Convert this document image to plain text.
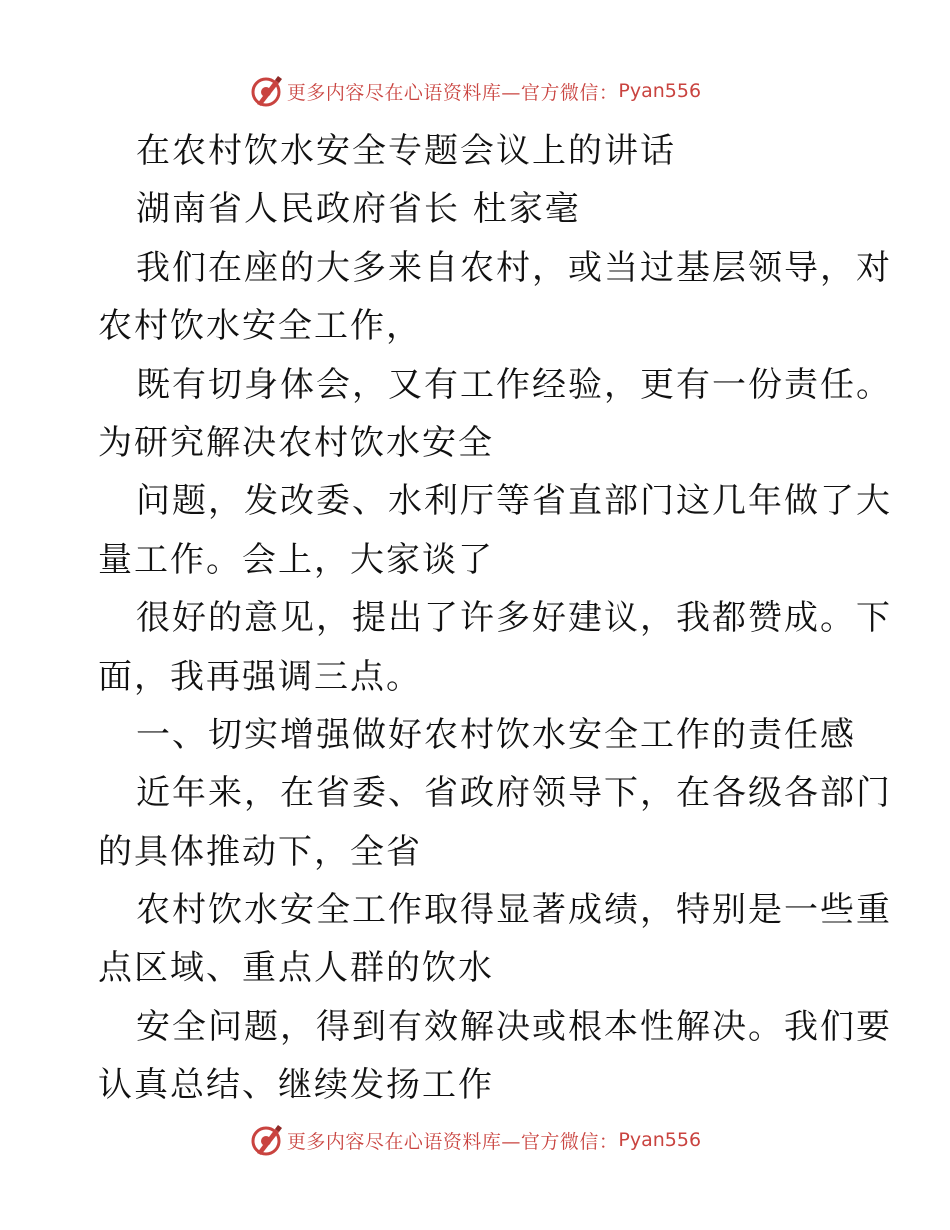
更多内容尽在心语资料库—官方微信： Pyan556
在农村饮水安全专题会议上的讲话
湖南省人民政府省长 杜家毫
我们在座的大多来自农村，或当过基层领导，对
农村饮水安全工作，
既有切身体会，又有工作经验，更有一份责任。
为研究解决农村饮水安全
问题，发改委、水利厅等省直部门这几年做了大
量工作。会上，大家谈了
很好的意见，提出了许多好建议，我都赞成。下
面，我再强调三点。
一、切实增强做好农村饮水安全工作的责任感
近年来，在省委、省政府领导下，在各级各部门
的具体推动下，全省
农村饮水安全工作取得显著成绩，特别是一些重
点区域、重点人群的饮水
安全问题，得到有效解决或根本性解决。我们要
认真总结、继续发扬工作
更多内容尽在心语资料库—官方微信： Pyan556
